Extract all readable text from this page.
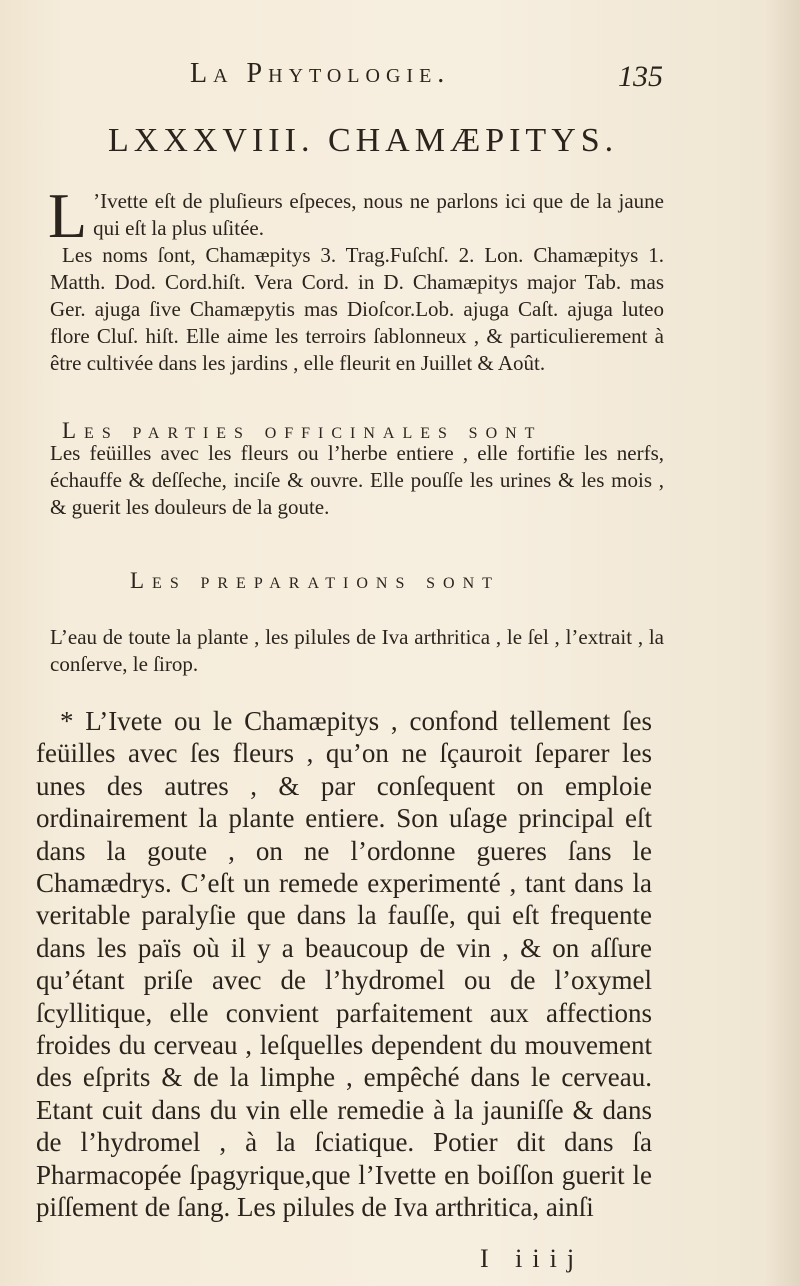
La Phytologie.	135
LXXXVIII. CHAMÆPITYS.
L ’Ivette eſt de pluſieurs eſpeces, nous ne parlons ici que de la jaune qui eſt la plus uſitée.

Les noms ſont, Chamæpitys 3. Trag.Fuſchſ. 2. Lon. Chamæpitys 1. Matth. Dod. Cord.hiſt. Vera Cord. in D. Chamæpitys major Tab. mas Ger. ajuga ſive Chamæpytis mas Dioſcor.Lob. ajuga Caſt. ajuga luteo flore Cluſ. hiſt. Elle aime les terroirs ſablonneux , & particulierement à être cultivée dans les jardins , elle fleurit en Juillet & Août.

Les parties officinales sont
Les feüilles avec les fleurs ou l’herbe entiere , elle fortifie les nerfs, échauffe & deſſeche, inciſe & ouvre. Elle pouſſe les urines & les mois , & guerit les douleurs de la goute.
Les preparations sont
L’eau de toute la plante , les pilules de Iva arthritica , le ſel , l’extrait , la conſerve, le ſirop.
* L’Ivete ou le Chamæpitys , confond tellement ſes feüilles avec ſes fleurs , qu’on ne ſçauroit ſeparer les unes des autres , & par conſequent on emploie ordinairement la plante entiere. Son uſage principal eſt dans la goute , on ne l’ordonne gueres ſans le Chamædrys. C’eſt un remede experimenté , tant dans la veritable paralyſie que dans la fauſſe, qui eſt frequente dans les païs où il y a beaucoup de vin , & on aſſure qu’étant priſe avec de l’hydromel ou de l’oxymel ſcyllitique, elle convient parfaitement aux affections froides du cerveau , leſquelles dependent du mouvement des eſprits & de la limphe , empêché dans le cerveau. Etant cuit dans du vin elle remedie à la jauniſſe & dans de l’hydromel , à la ſciatique. Potier dit dans ſa Pharmacopée ſpagyrique,que l’Ivette en boiſſon guerit le piſſement de ſang. Les pilules de Iva arthritica, ainſi
I iiij
